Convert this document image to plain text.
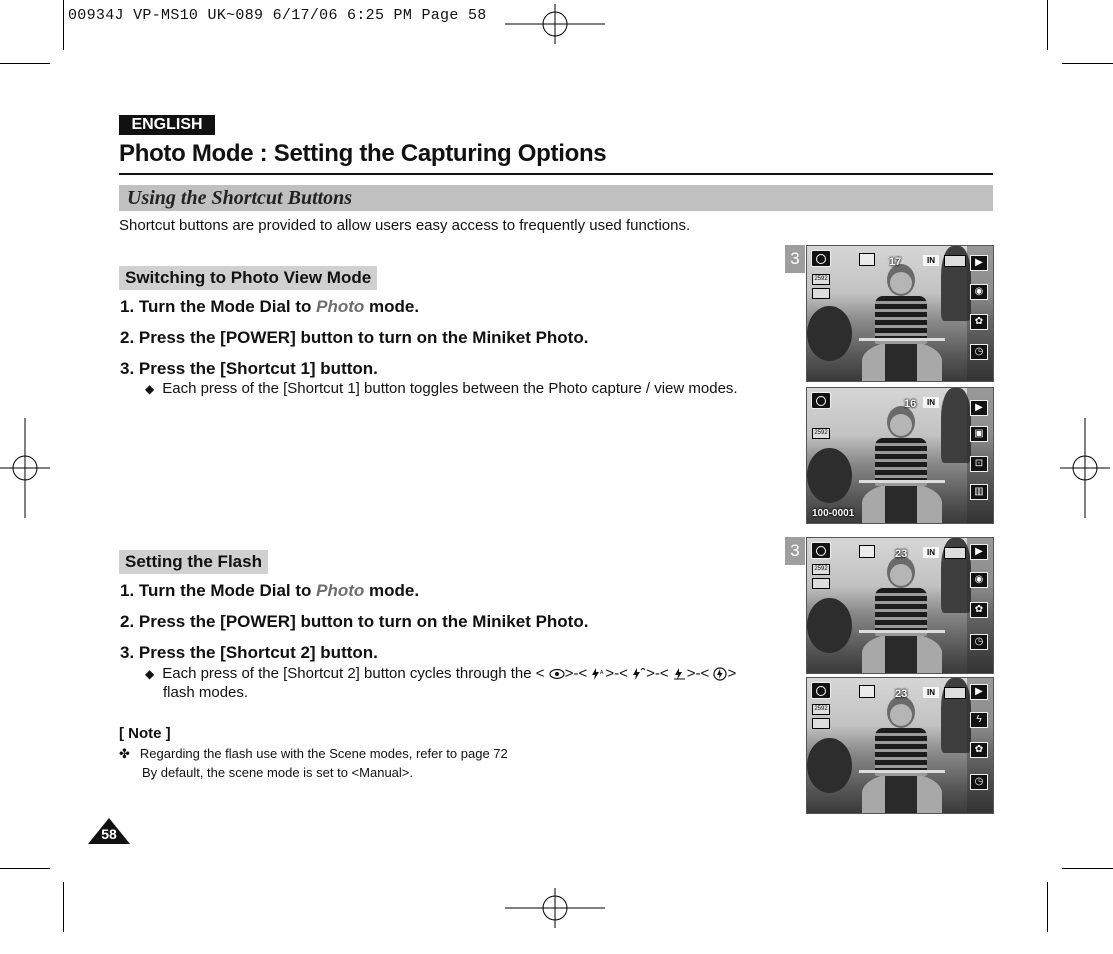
00934J VP-MS10 UK~089 6/17/06 6:25 PM Page 58
ENGLISH
Photo Mode : Setting the Capturing Options
Using the Shortcut Buttons
Shortcut buttons are provided to allow users easy access to frequently used functions.
Switching to Photo View Mode
1. Turn the Mode Dial to Photo mode.
2. Press the [POWER] button to turn on the Miniket Photo.
3. Press the [Shortcut 1] button.
◆ Each press of the [Shortcut 1] button toggles between the Photo capture / view modes.
Setting the Flash
1. Turn the Mode Dial to Photo mode.
2. Press the [POWER] button to turn on the Miniket Photo.
3. Press the [Shortcut 2] button.
◆ Each press of the [Shortcut 2] button cycles through the < >-<	A >-< >-< >-< >
flash modes.
[ Note ]
✤ Regarding the flash use with the Scene modes, refer to page 72
By default, the scene mode is set to <Manual>.
58
3	17	IN
2592
▶
◉
✿
◷
16	IN
2592
▶
▣
⊡
▥
100-0001
3	23	IN
2592
▶
◉
✿
◷
23	IN
2592
▶
ϟ
✿
◷
